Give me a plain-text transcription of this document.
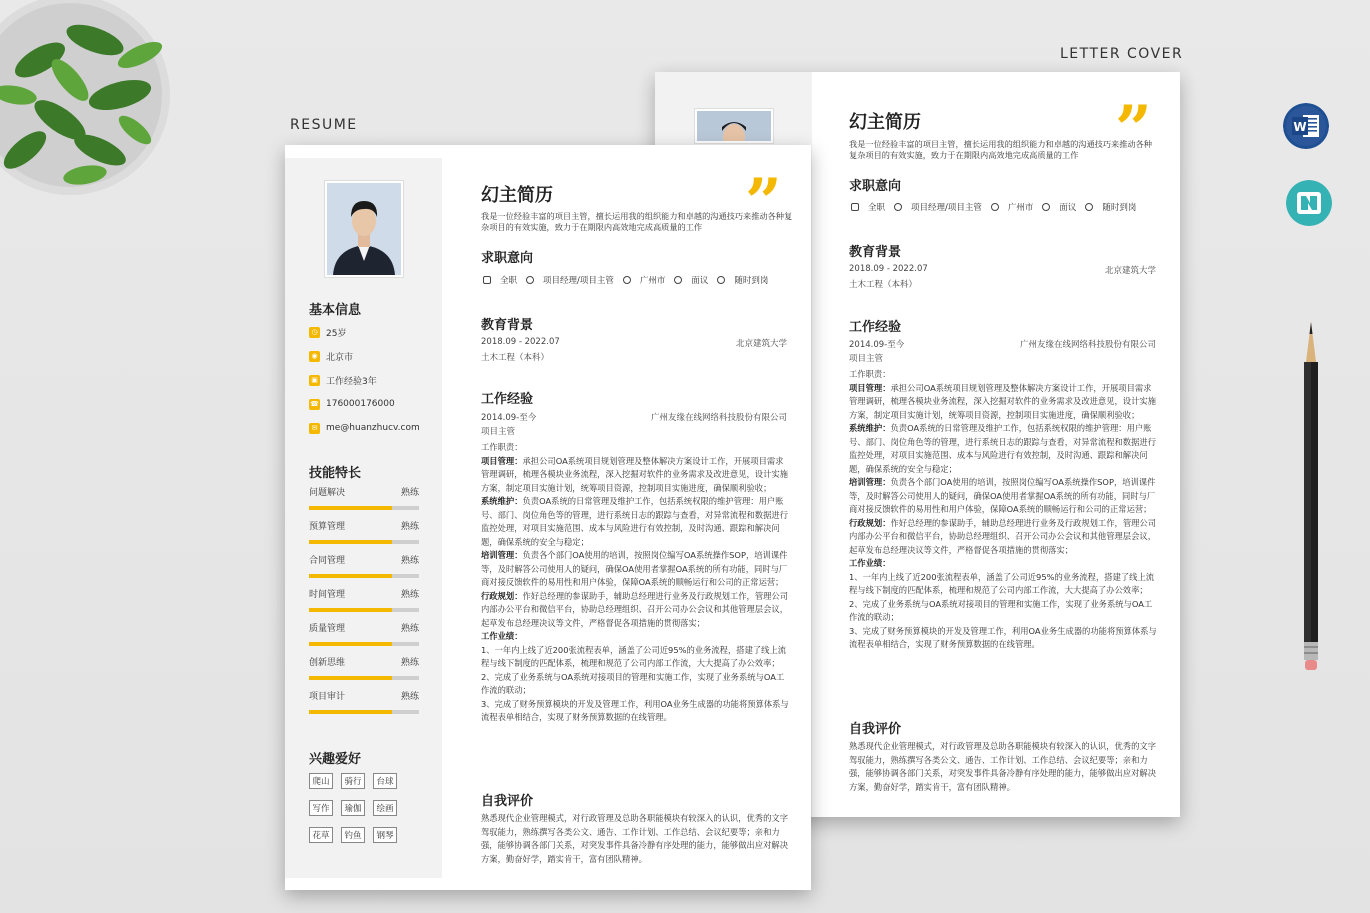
RESUME
LETTER COVER
幻主简历	”
我是一位经验丰富的项目主管，擅长运用我的组织能力和卓越的沟通技巧来推动各种复杂项目的有效实施，致力于在期限内高效地完成高质量的工作
求职意向
全职	项目经理/项目主管	广州市	面议	随时到岗
教育背景
2018.09 - 2022.07	北京建筑大学
土木工程（本科）
工作经验
2014.09-至今	广州友缘在线网络科技股份有限公司
项目主管

工作职责：

项目管理：承担公司OA系统项目规划管理及整体解决方案设计工作，开展项目需求管理调研，梳理各模块业务流程，深入挖掘对软件的业务需求及改进意见，设计实施方案，制定项目实施计划，统筹项目资源，控制项目实施进度，确保顺利验收；

系统维护：负责OA系统的日常管理及维护工作，包括系统权限的维护管理：用户账号、部门、岗位角色等的管理，进行系统日志的跟踪与查看，对异常流程和数据进行监控处理，对项目实施范围、成本与风险进行有效控制，及时沟通、跟踪和解决问题，确保系统的安全与稳定；

培训管理：负责各个部门OA使用的培训，按照岗位编写OA系统操作SOP，培训课件等，及时解答公司使用人的疑问，确保OA使用者掌握OA系统的所有功能，同时与厂商对接反馈软件的易用性和用户体验，保障OA系统的顺畅运行和公司的正常运营；

行政规划：作好总经理的参谋助手，辅助总经理进行业务及行政规划工作，管理公司内部办公平台和微信平台，协助总经理组织、召开公司办公会议和其他管理层会议，起草发布总经理决议等文件，严格督促各项措施的贯彻落实；

工作业绩：

1、一年内上线了近200张流程表单，涵盖了公司近95%的业务流程，搭建了线上流程与线下制度的匹配体系，梳理和规范了公司内部工作流，大大提高了办公效率；

2、完成了业务系统与OA系统对接项目的管理和实施工作，实现了业务系统与OA工作流的联动；

3、完成了财务预算模块的开发及管理工作，利用OA业务生成器的功能将预算体系与流程表单相结合，实现了财务预算数据的在线管理。

自我评价
熟悉现代企业管理模式，对行政管理及总助各职能模块有较深入的认识，优秀的文字驾驭能力，熟练撰写各类公文、通告、工作计划、工作总结、会议纪要等；亲和力强，能够协调各部门关系，对突发事件具备冷静有序处理的能力，能够做出应对解决方案，勤奋好学，踏实肯干，富有团队精神。
基本信息
◷ 25岁
◉ 北京市
▣ 工作经验3年
☎ 176000176000
✉ me@huanzhucv.com
技能特长
问题解决	熟练
预算管理	熟练
合同管理	熟练
时间管理	熟练
质量管理	熟练
创新思维	熟练
项目审计	熟练
兴趣爱好
爬山	骑行	台球
写作	瑜伽	绘画
花草	钓鱼	钢琴
幻主简历	”
我是一位经验丰富的项目主管，擅长运用我的组织能力和卓越的沟通技巧来推动各种复杂项目的有效实施，致力于在期限内高效地完成高质量的工作
求职意向
全职	项目经理/项目主管	广州市	面议	随时到岗
教育背景
2018.09 - 2022.07	北京建筑大学
土木工程（本科）
工作经验
2014.09-至今	广州友缘在线网络科技股份有限公司
项目主管

工作职责：

项目管理：承担公司OA系统项目规划管理及整体解决方案设计工作，开展项目需求管理调研，梳理各模块业务流程，深入挖掘对软件的业务需求及改进意见，设计实施方案，制定项目实施计划，统筹项目资源，控制项目实施进度，确保顺利验收；

系统维护：负责OA系统的日常管理及维护工作，包括系统权限的维护管理：用户账号、部门、岗位角色等的管理，进行系统日志的跟踪与查看，对异常流程和数据进行监控处理，对项目实施范围、成本与风险进行有效控制，及时沟通、跟踪和解决问题，确保系统的安全与稳定；

培训管理：负责各个部门OA使用的培训，按照岗位编写OA系统操作SOP，培训课件等，及时解答公司使用人的疑问，确保OA使用者掌握OA系统的所有功能，同时与厂商对接反馈软件的易用性和用户体验，保障OA系统的顺畅运行和公司的正常运营；

行政规划：作好总经理的参谋助手，辅助总经理进行业务及行政规划工作，管理公司内部办公平台和微信平台，协助总经理组织、召开公司办公会议和其他管理层会议，起草发布总经理决议等文件，严格督促各项措施的贯彻落实；

工作业绩：

1、一年内上线了近200张流程表单，涵盖了公司近95%的业务流程，搭建了线上流程与线下制度的匹配体系，梳理和规范了公司内部工作流，大大提高了办公效率；

2、完成了业务系统与OA系统对接项目的管理和实施工作，实现了业务系统与OA工作流的联动；

3、完成了财务预算模块的开发及管理工作，利用OA业务生成器的功能将预算体系与流程表单相结合，实现了财务预算数据的在线管理。

自我评价
熟悉现代企业管理模式，对行政管理及总助各职能模块有较深入的认识，优秀的文字驾驭能力，熟练撰写各类公文、通告、工作计划、工作总结、会议纪要等；亲和力强，能够协调各部门关系，对突发事件具备冷静有序处理的能力，能够做出应对解决方案，勤奋好学，踏实肯干，富有团队精神。
W
